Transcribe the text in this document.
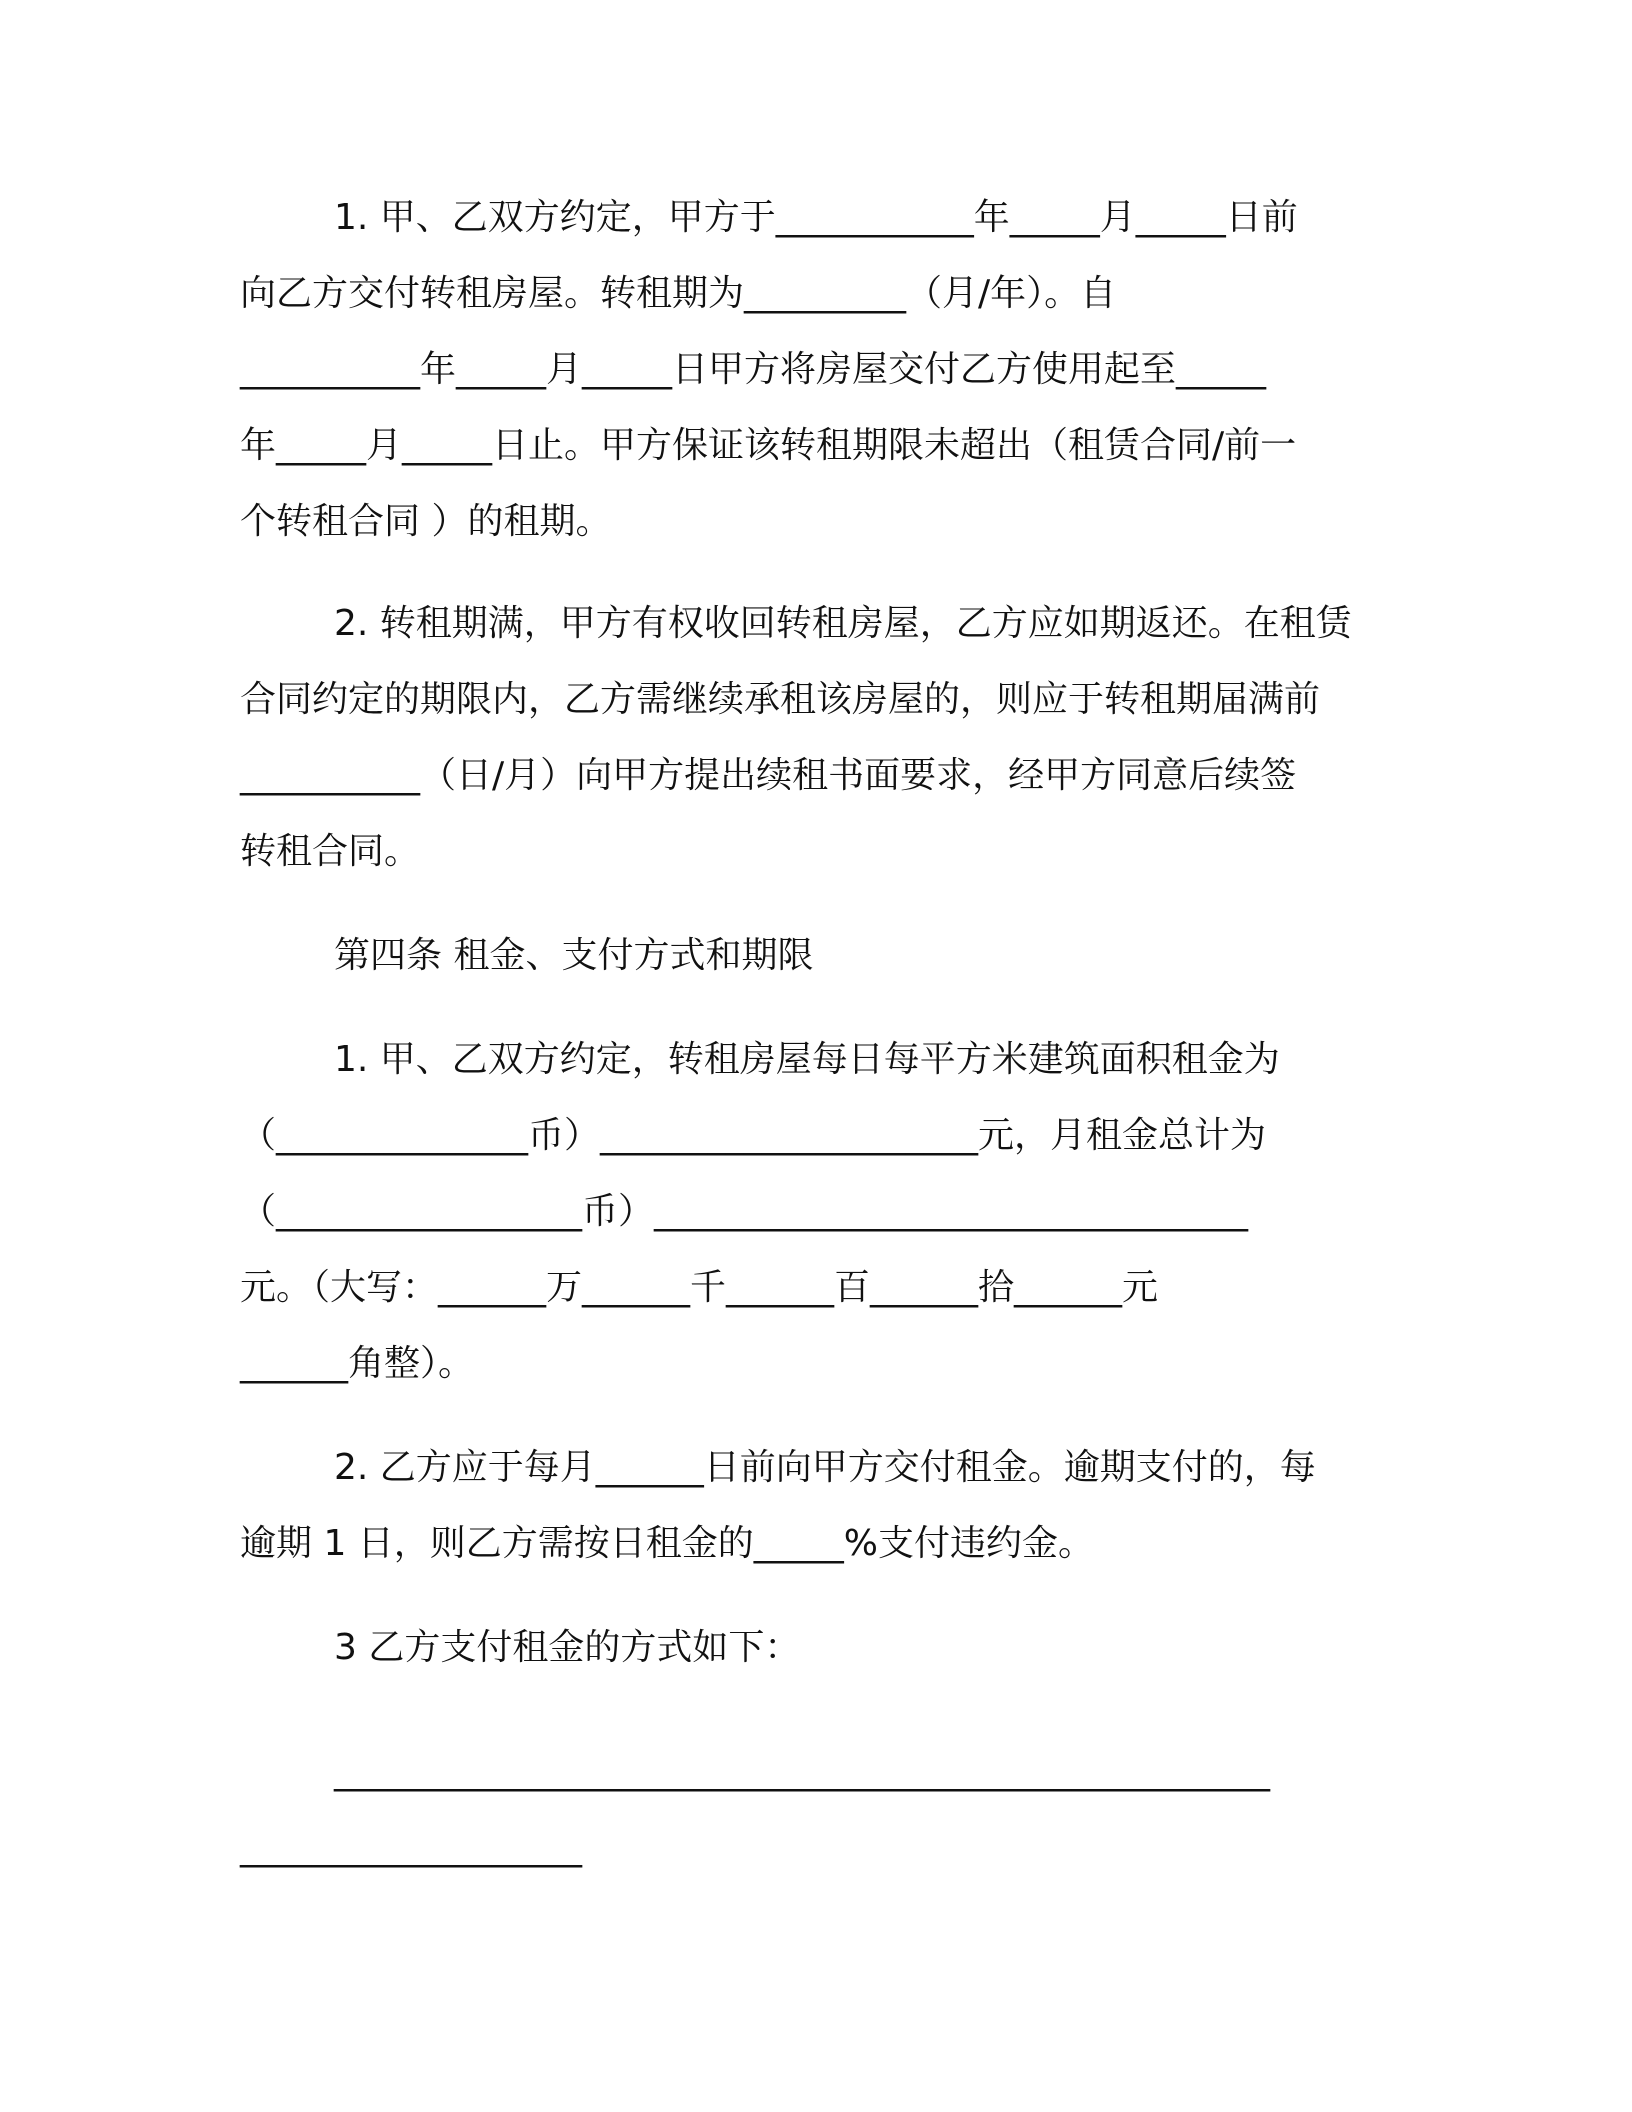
1. 甲、乙双方约定，甲方于___________年_____月_____日前
向乙方交付转租房屋。转租期为_________（月/年）。自
__________年_____月_____日甲方将房屋交付乙方使用起至_____
年_____月_____日止。甲方保证该转租期限未超出（租赁合同/前一
个转租合同 ）的租期。
2. 转租期满，甲方有权收回转租房屋，乙方应如期返还。在租赁
合同约定的期限内，乙方需继续承租该房屋的，则应于转租期届满前
__________（日/月）向甲方提出续租书面要求，经甲方同意后续签
转租合同。
第四条 租金、支付方式和期限
1. 甲、乙双方约定，转租房屋每日每平方米建筑面积租金为
（______________币）_____________________元，月租金总计为
（_________________币）_________________________________
元。（大写：______万______千______百______拾______元
______角整）。
2. 乙方应于每月______日前向甲方交付租金。逾期支付的，每
逾期 1 日，则乙方需按日租金的_____%支付违约金。
3 乙方支付租金的方式如下：
____________________________________________________
___________________
